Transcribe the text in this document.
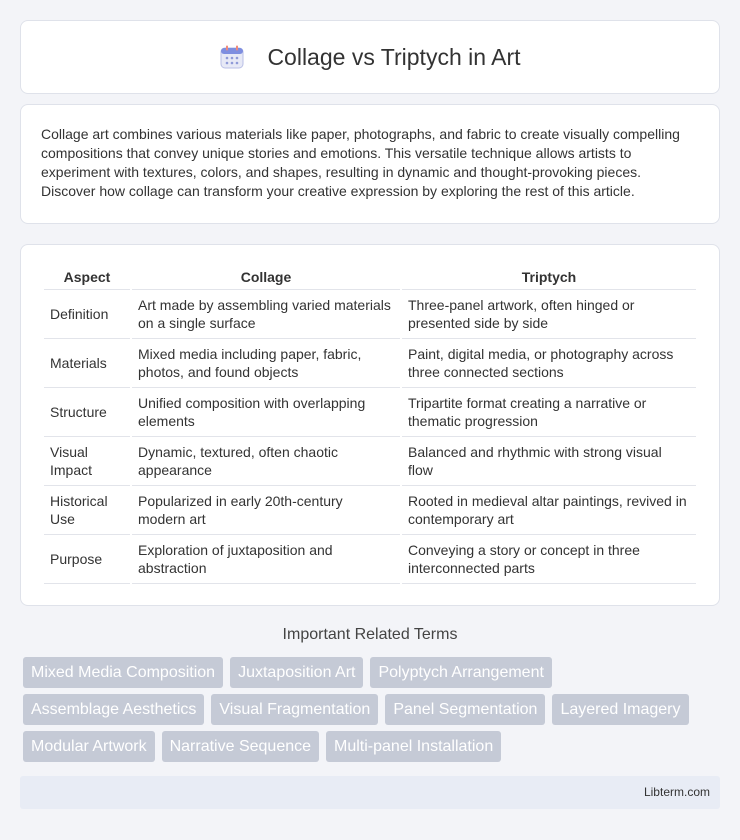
Collage vs Triptych in Art

Collage art combines various materials like paper, photographs, and fabric to create visually compelling compositions that convey unique stories and emotions. This versatile technique allows artists to experiment with textures, colors, and shapes, resulting in dynamic and thought-provoking pieces. Discover how collage can transform your creative expression by exploring the rest of this article.

Aspect	Collage	Triptych
Definition	Art made by assembling varied materials on a single surface	Three-panel artwork, often hinged or presented side by side
Materials	Mixed media including paper, fabric, photos, and found objects	Paint, digital media, or photography across three connected sections
Structure	Unified composition with overlapping elements	Tripartite format creating a narrative or thematic progression
Visual Impact	Dynamic, textured, often chaotic appearance	Balanced and rhythmic with strong visual flow
Historical Use	Popularized in early 20th-century modern art	Rooted in medieval altar paintings, revived in contemporary art
Purpose	Exploration of juxtaposition and abstraction	Conveying a story or concept in three interconnected parts
Important Related Terms
Mixed Media Composition	Juxtaposition Art	Polyptych Arrangement
Assemblage Aesthetics	Visual Fragmentation	Panel Segmentation	Layered Imagery
Modular Artwork	Narrative Sequence	Multi-panel Installation
Libterm.com
